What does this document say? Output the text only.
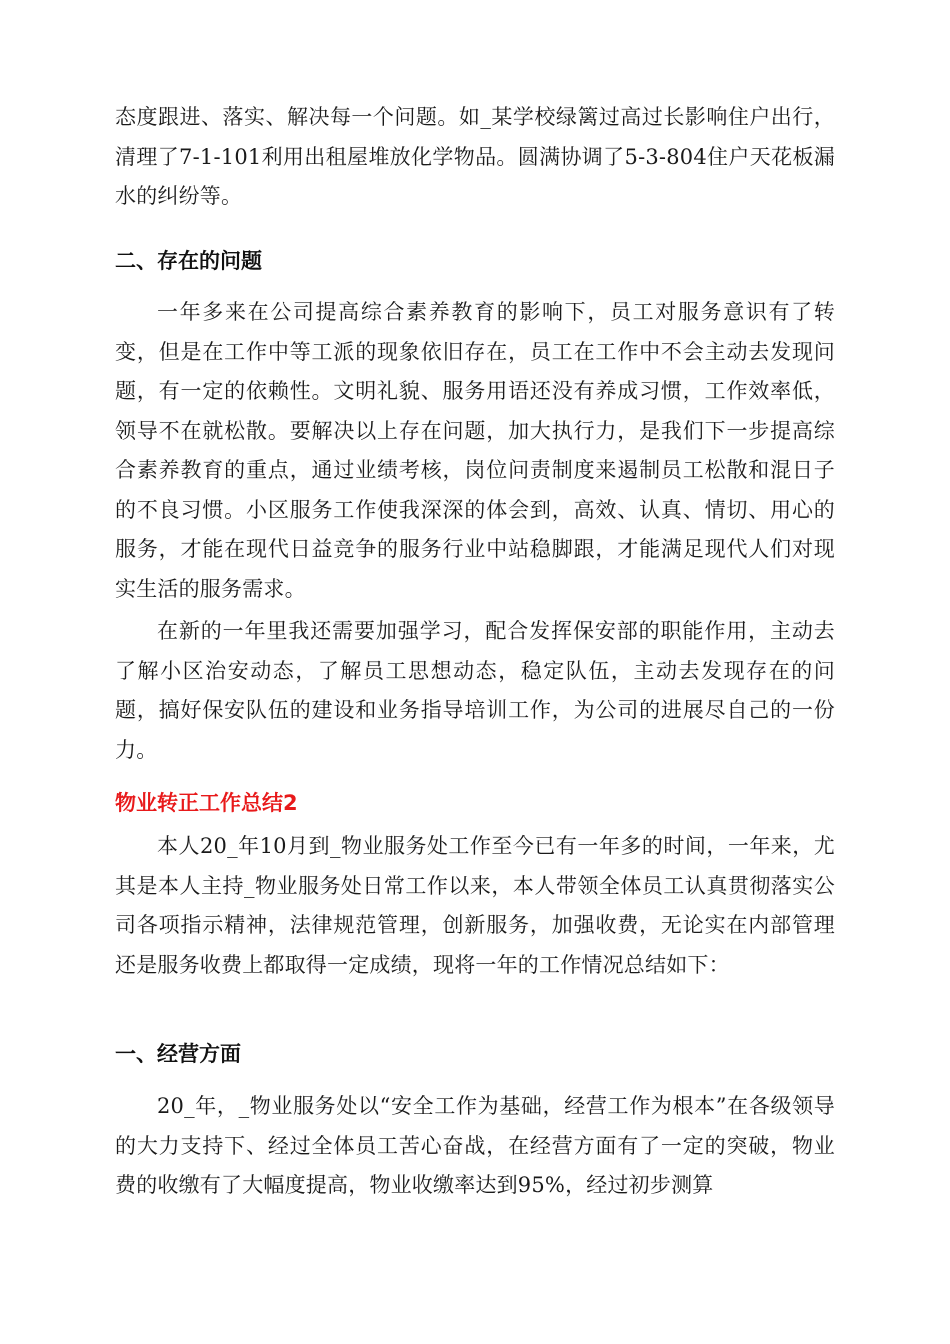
态度跟进、落实、解决每一个问题。如_某学校绿篱过高过长影响住户出行，清理了7-1-101利用出租屋堆放化学物品。圆满协调了5-3-804住户天花板漏水的纠纷等。

二、存在的问题

一年多来在公司提高综合素养教育的影响下，员工对服务意识有了转变，但是在工作中等工派的现象依旧存在，员工在工作中不会主动去发现问题，有一定的依赖性。文明礼貌、服务用语还没有养成习惯，工作效率低，领导不在就松散。要解决以上存在问题，加大执行力，是我们下一步提高综合素养教育的重点，通过业绩考核，岗位问责制度来遏制员工松散和混日子的不良习惯。小区服务工作使我深深的体会到，高效、认真、情切、用心的服务，才能在现代日益竞争的服务行业中站稳脚跟，才能满足现代人们对现实生活的服务需求。

在新的一年里我还需要加强学习，配合发挥保安部的职能作用，主动去了解小区治安动态，了解员工思想动态，稳定队伍，主动去发现存在的问题，搞好保安队伍的建设和业务指导培训工作，为公司的进展尽自己的一份力。

物业转正工作总结2

本人20_年10月到_物业服务处工作至今已有一年多的时间，一年来，尤其是本人主持_物业服务处日常工作以来，本人带领全体员工认真贯彻落实公司各项指示精神，法律规范管理，创新服务，加强收费，无论实在内部管理还是服务收费上都取得一定成绩，现将一年的工作情况总结如下：

一、经营方面

20_年，_物业服务处以“安全工作为基础，经营工作为根本”在各级领导的大力支持下、经过全体员工苦心奋战，在经营方面有了一定的突破，物业费的收缴有了大幅度提高，物业收缴率达到95%，经过初步测算
